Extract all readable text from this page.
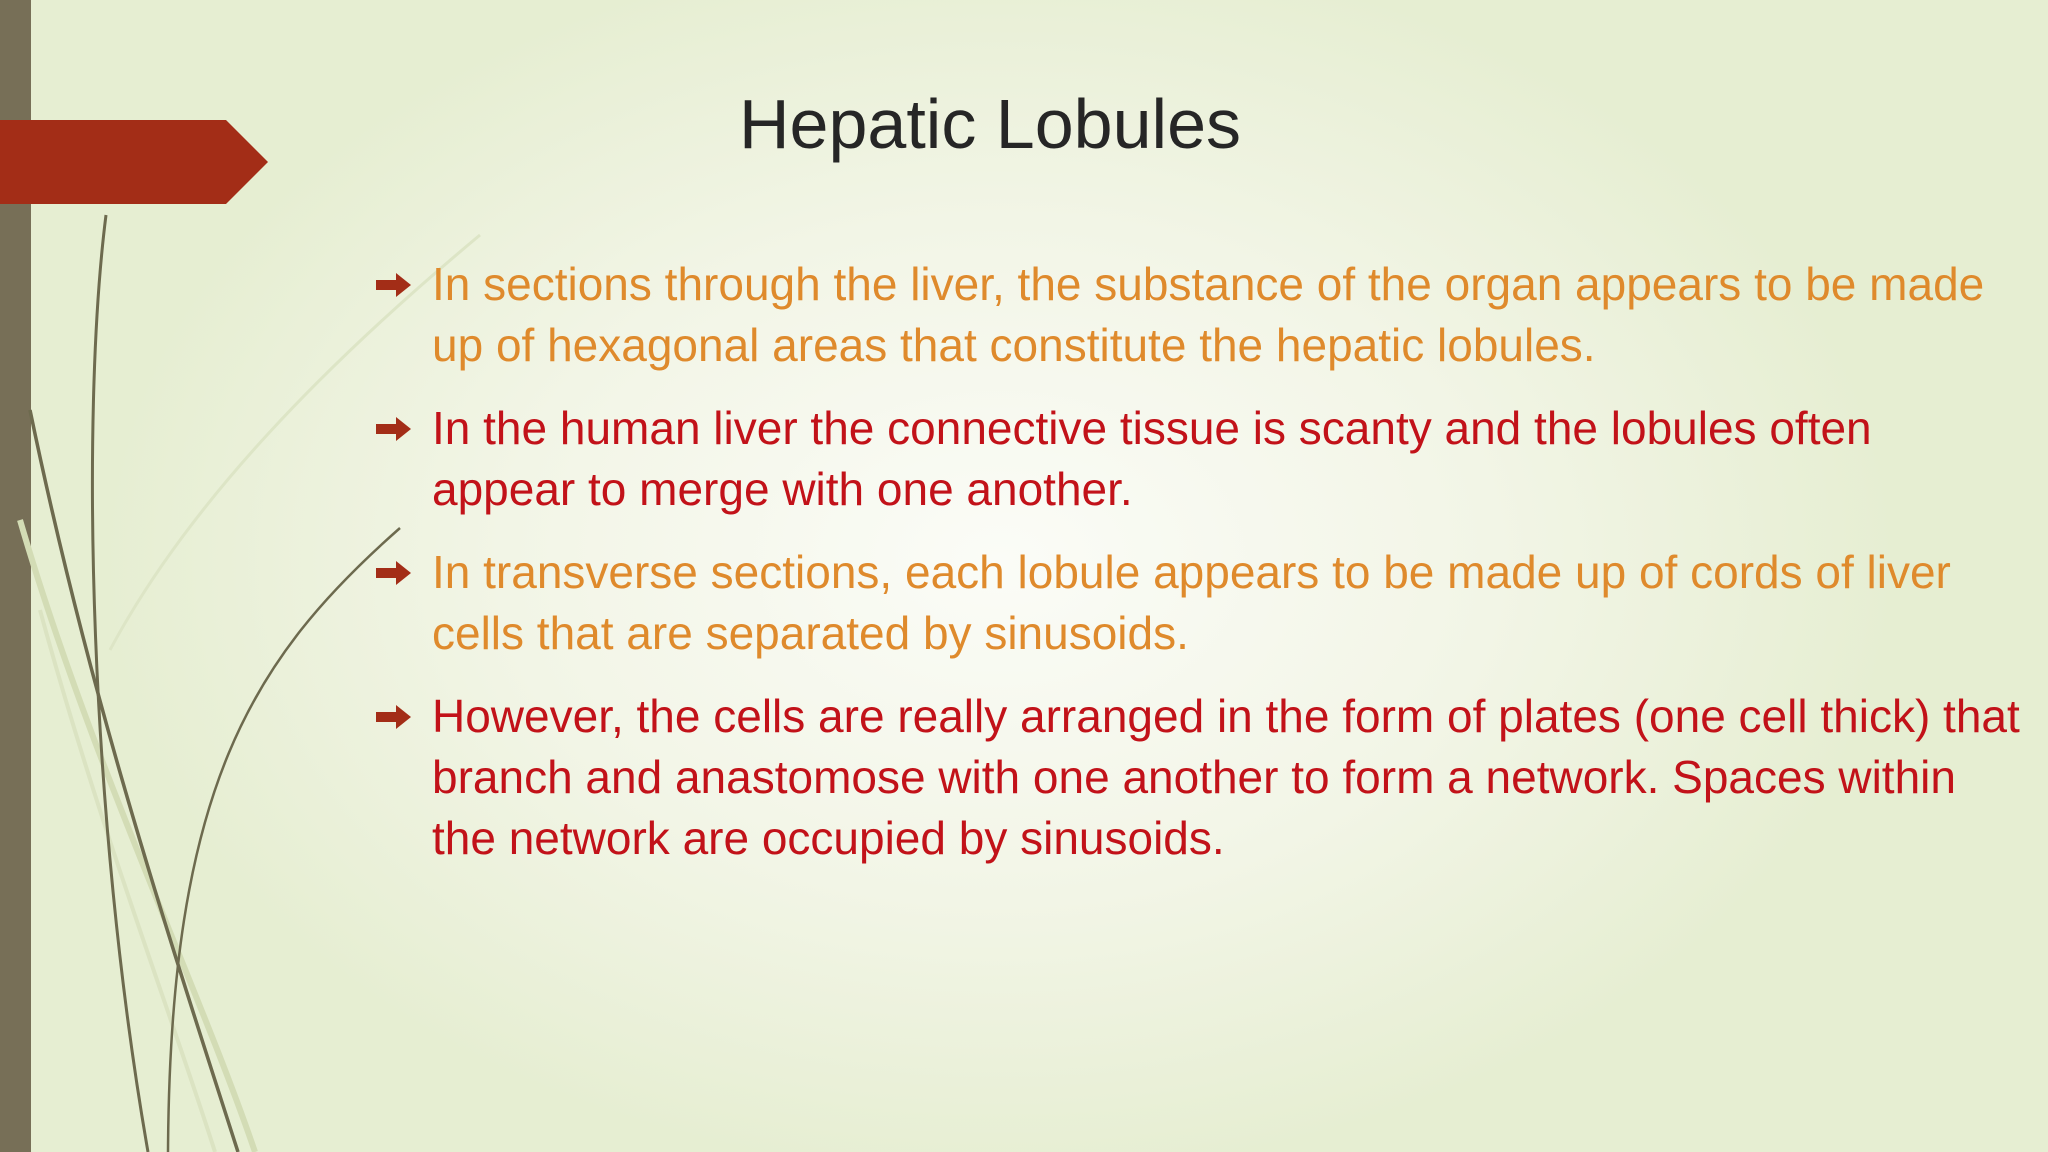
Hepatic Lobules
In sections through the liver, the substance of the organ appears to be made up of hexagonal areas that constitute the hepatic lobules.
In the human liver the connective tissue is scanty and the lobules often appear to merge with one another.
In transverse sections, each lobule appears to be made up of cords of liver cells that are separated by sinusoids.
However, the cells are really arranged in the form of plates (one cell thick) that branch and anastomose with one another to form a network. Spaces within the network are occupied by sinusoids.
